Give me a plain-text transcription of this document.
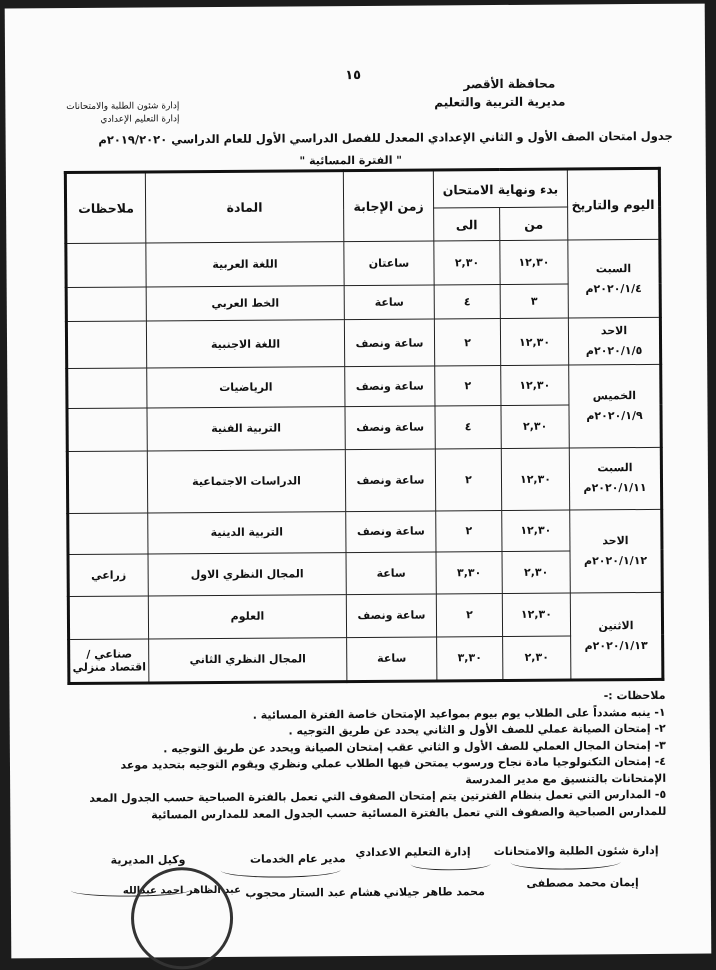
محافظة الأقصر
مديرية التربية والتعليم
إدارة شئون الطلبة والامتحانات
إدارة التعليم الإعدادي
١٥
جدول امتحان الصف الأول و الثاني الإعدادي المعدل للفصل الدراسي الأول للعام الدراسي ٢٠١٩/٢٠٢٠م
" الفترة المسائية "
اليوم والتاريخ	بدء ونهاية الامتحان		زمن الإجابة	المادة	ملاحظات
	من	الى			

السبت
٢٠٢٠/١/٤م	١٢,٣٠	٢,٣٠	ساعتان	اللغة العربية	
	٣	٤	ساعة	الخط العربي	

الاحد
٢٠٢٠/١/٥م	١٢,٣٠	٢	ساعة ونصف	اللغة الاجنبية	

الخميس
٢٠٢٠/١/٩م	١٢,٣٠	٢	ساعة ونصف	الرياضيات	
	٢,٣٠	٤	ساعة ونصف	التربية الفنية	

السبت
٢٠٢٠/١/١١م	١٢,٣٠	٢	ساعة ونصف	الدراسات الاجتماعية	

الاحد
٢٠٢٠/١/١٢م	١٢,٣٠	٢	ساعة ونصف	التربية الدينية	
	٢,٣٠	٣,٣٠	ساعة	المجال النظري الاول	زراعي

الاثنين
٢٠٢٠/١/١٣م	١٢,٣٠	٢	ساعة ونصف	العلوم	
	٢,٣٠	٣,٣٠	ساعة	المجال النظري الثاني	صناعي / اقتصاد منزلي
ملاحظات :-
١- ينبه مشدداً على الطلاب يوم بيوم بمواعيد الإمتحان خاصة الفترة المسائية .
٢- إمتحان الصيانة عملي للصف الأول و الثاني يحدد عن طريق التوجيه .
٣- إمتحان المجال العملي للصف الأول و الثاني عقب إمتحان الصيانة ويحدد عن طريق التوجيه .
٤- إمتحان التكنولوجيا مادة نجاح ورسوب يمتحن فيها الطلاب عملي ونظري ويقوم التوجيه بتحديد موعد الإمتحانات بالتنسيق مع مدير المدرسة
٥- المدارس التي تعمل بنظام الفترتين يتم إمتحان الصفوف التي تعمل بالفترة الصباحية حسب الجدول المعد للمدارس الصباحية والصفوف التي تعمل بالفترة المسائية حسب الجدول المعد للمدارس المسائية
إدارة شئون الطلبة والامتحانات
إدارة التعليم الاعدادي
مدير عام الخدمات
وكيل المديرية
إيمان محمد مصطفى
محمد طاهر جيلاني
هشام عبد الستار محجوب
عبد الظاهر احمد عبدالله
